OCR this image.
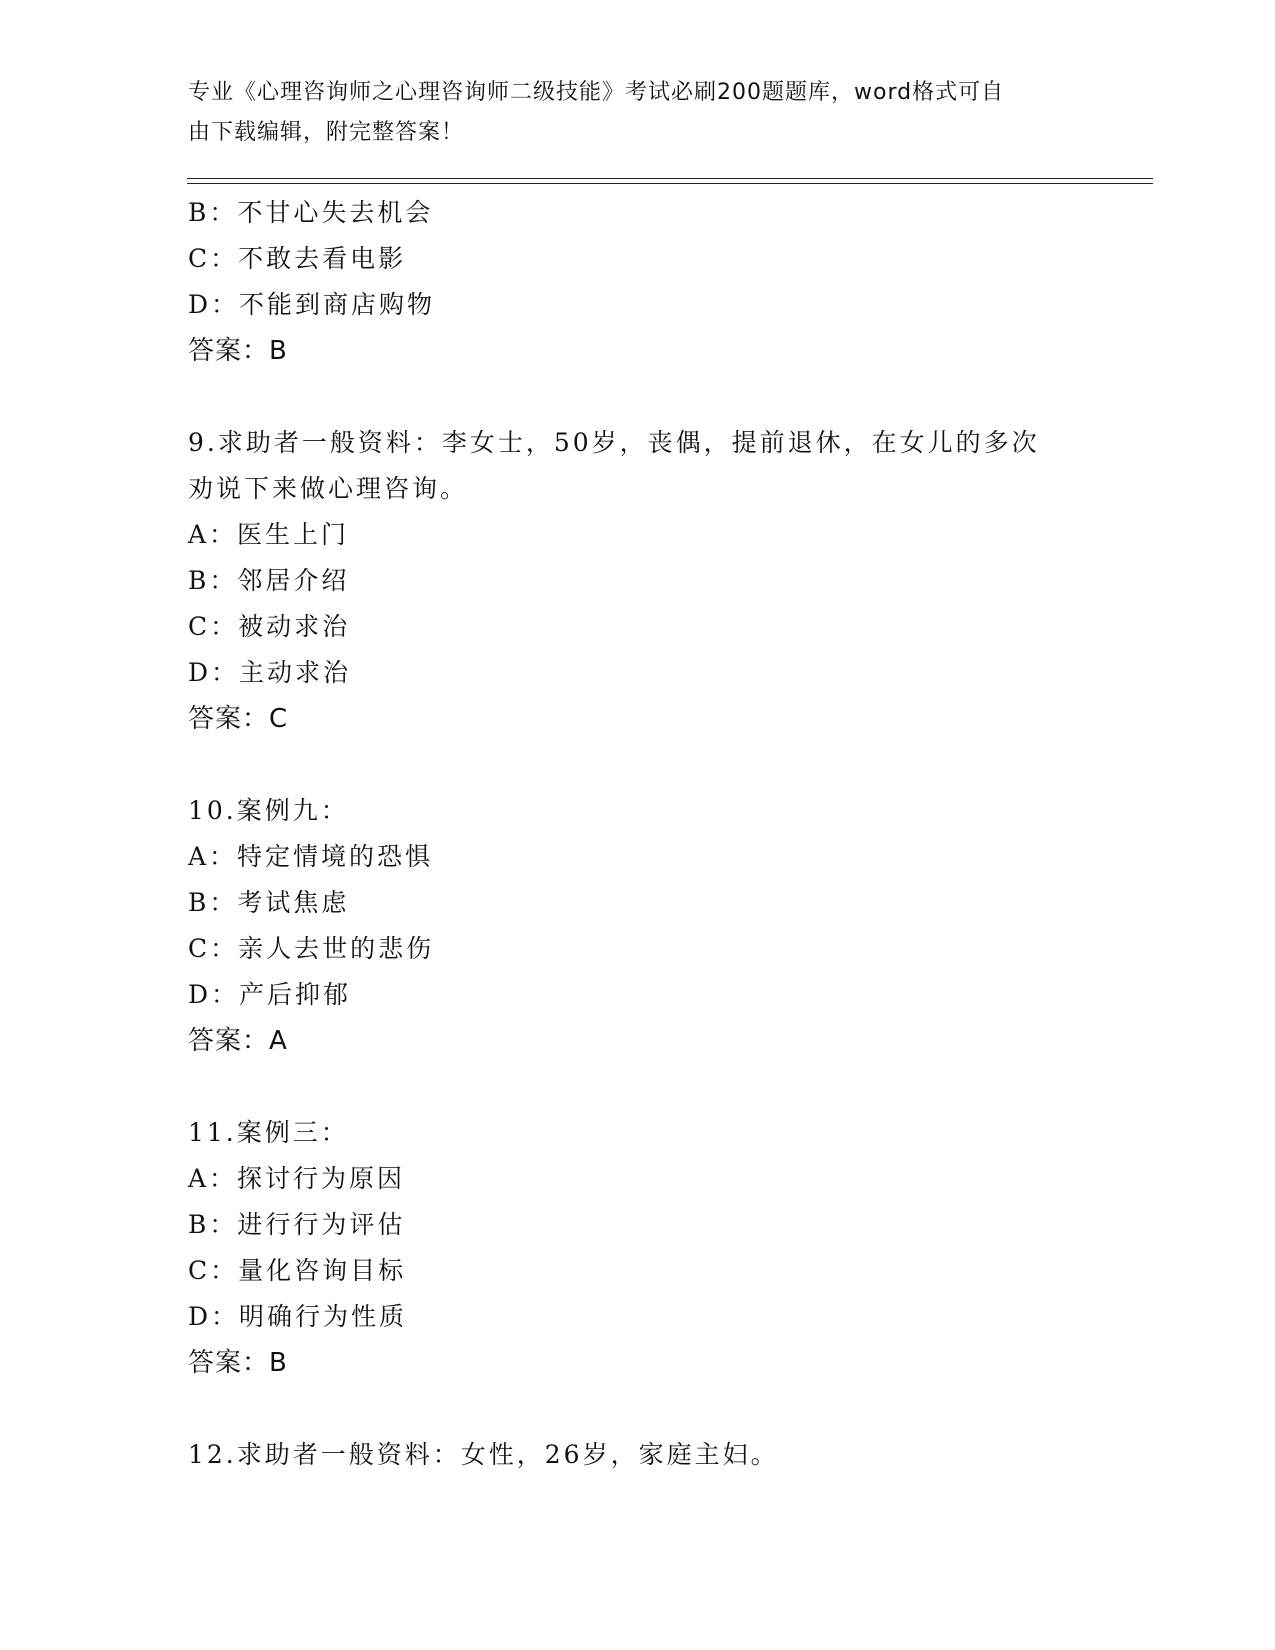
专业《心理咨询师之心理咨询师二级技能》考试必刷200题题库，word格式可自
由下载编辑，附完整答案！
B：不甘心失去机会
C：不敢去看电影
D：不能到商店购物
答案：B
9.求助者一般资料：李女士，50岁，丧偶，提前退休，在女儿的多次
劝说下来做心理咨询。
A：医生上门
B：邻居介绍
C：被动求治
D：主动求治
答案：C
10.案例九：
A：特定情境的恐惧
B：考试焦虑
C：亲人去世的悲伤
D：产后抑郁
答案：A
11.案例三：
A：探讨行为原因
B：进行行为评估
C：量化咨询目标
D：明确行为性质
答案：B
12.求助者一般资料：女性，26岁，家庭主妇。
